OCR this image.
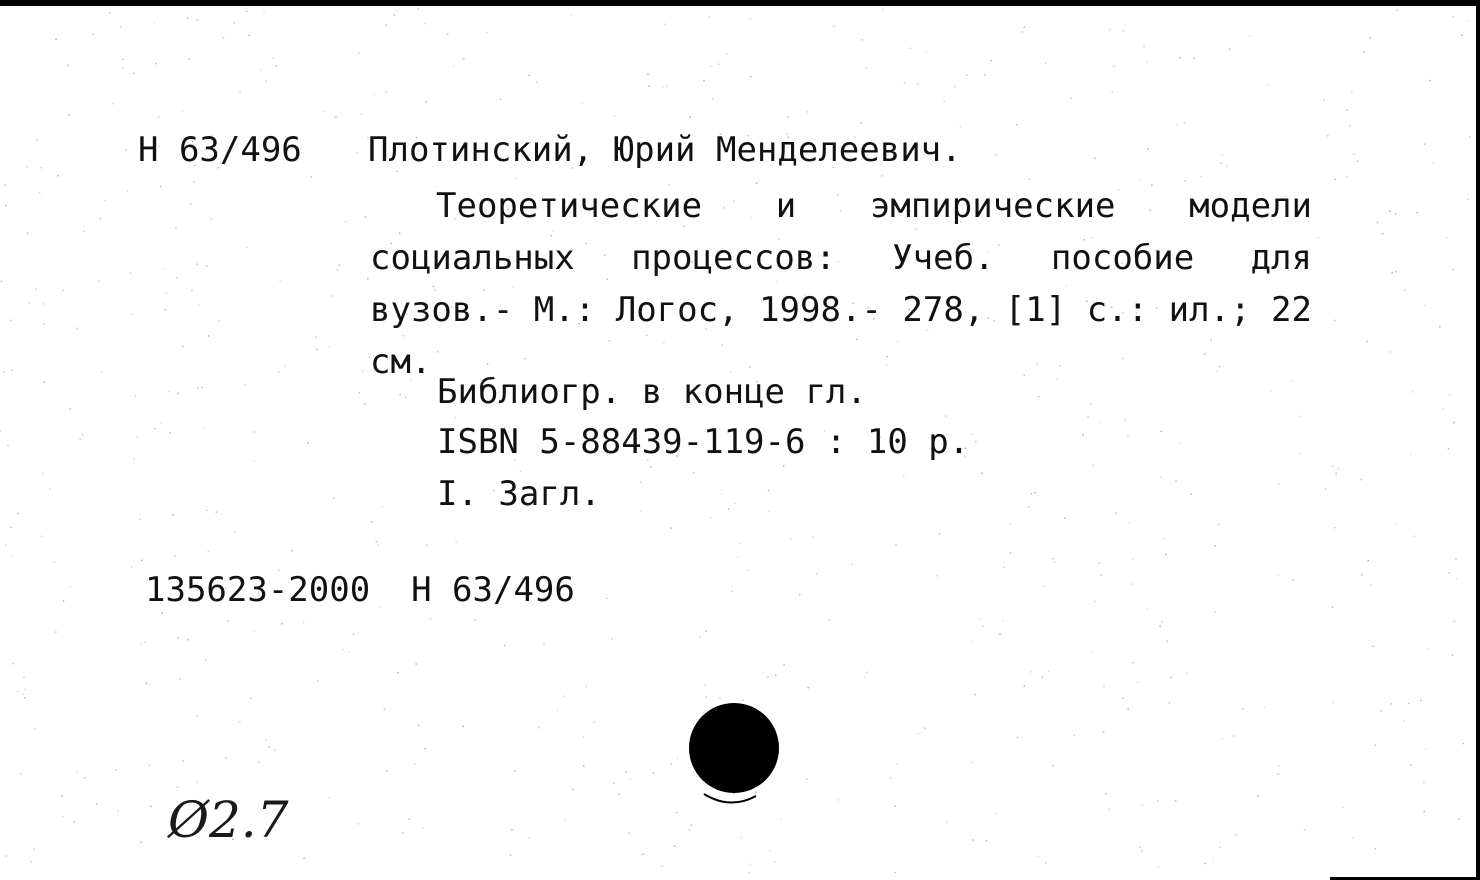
Н 63/496 Плотинский, Юрий Менделеевич.
Теоретические и эмпирические модели социальных процессов: Учеб. пособие для вузов.- М.: Логос, 1998.- 278, [1] с.: ил.; 22 см.
Библиогр. в конце гл.
ISBN 5-88439-119-6 : 10 р.
I. Загл.
135623-2000  Н 63/496
Ø2.7
